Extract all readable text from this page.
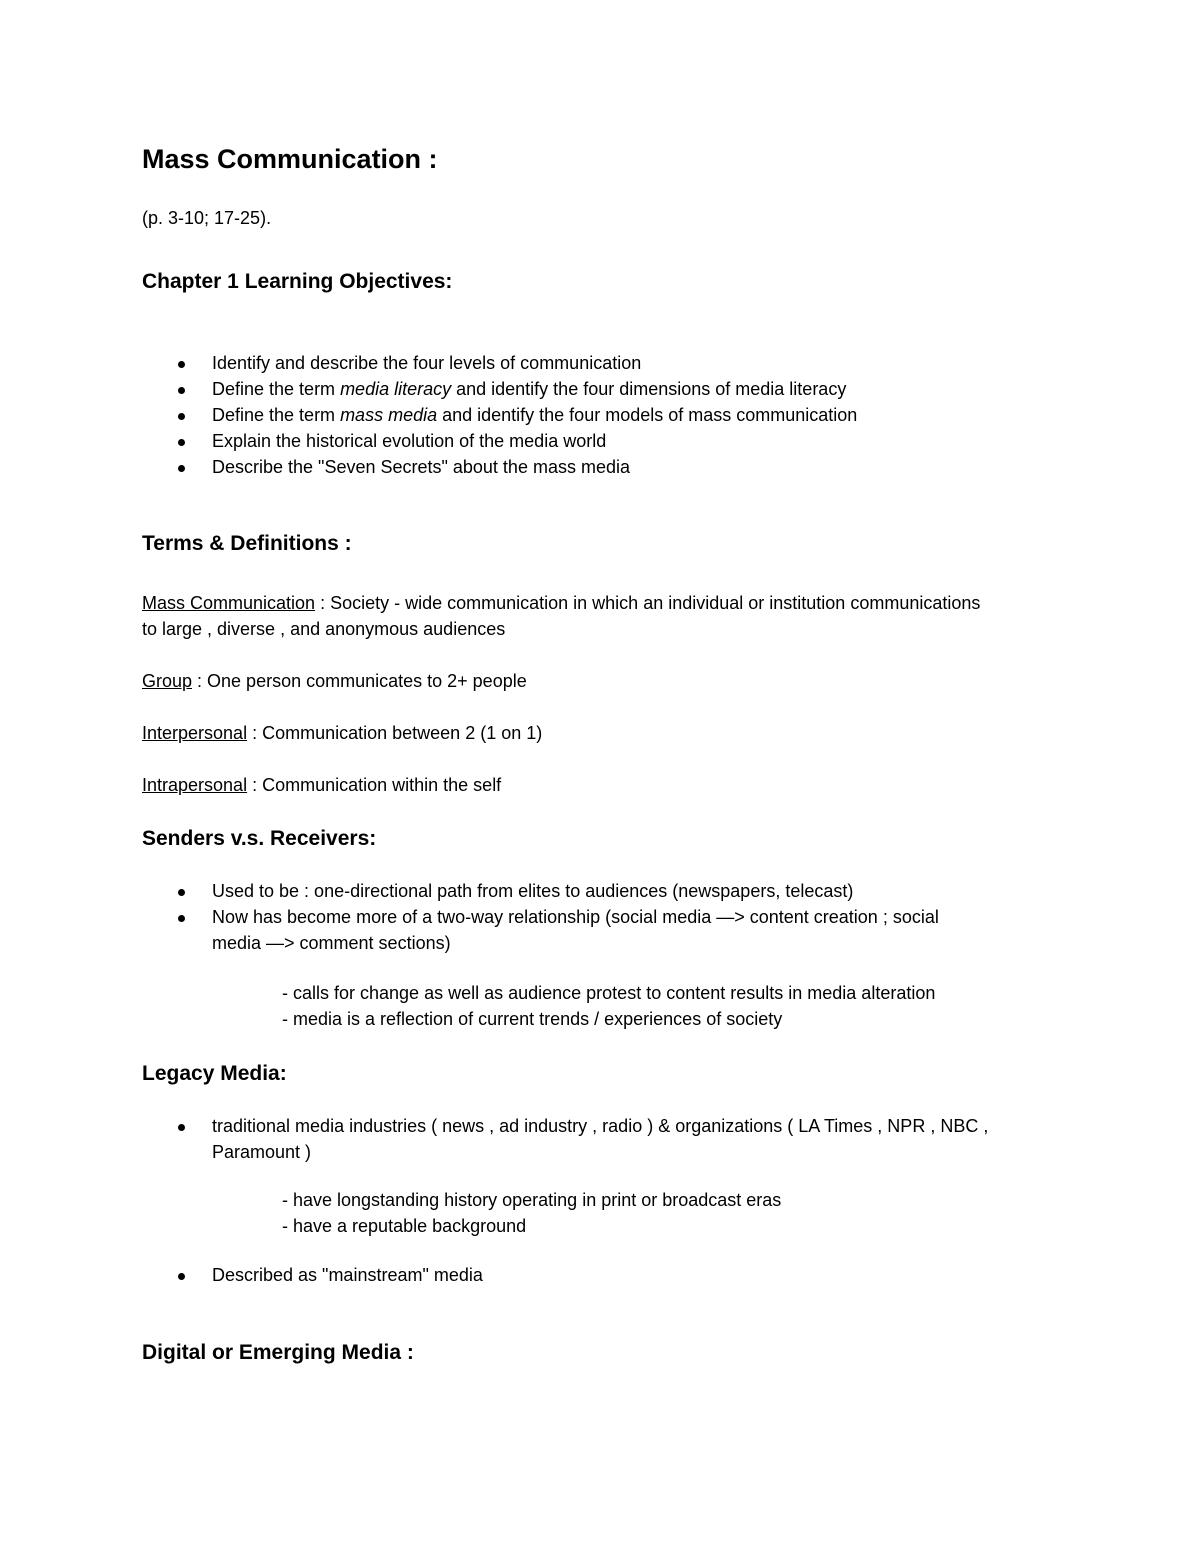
Mass Communication :

(p. 3-10; 17-25).

Chapter 1 Learning Objectives:
Identify and describe the four levels of communication
Define the term media literacy and identify the four dimensions of media literacy
Define the term mass media and identify the four models of mass communication
Explain the historical evolution of the media world
Describe the "Seven Secrets" about the mass media
Terms & Definitions :

Mass Communication : Society - wide communication in which an individual or institution communications
to large , diverse , and anonymous audiences

Group : One person communicates to 2+ people

Interpersonal : Communication between 2 (1 on 1)

Intrapersonal : Communication within the self

Senders v.s. Receivers:
Used to be : one-directional path from elites to audiences (newspapers, telecast)
Now has become more of a two-way relationship (social media —> content creation ; social
media —> comment sections)

- calls for change as well as audience protest to content results in media alteration

- media is a reflection of current trends / experiences of society

Legacy Media:
traditional media industries ( news , ad industry , radio ) & organizations ( LA Times , NPR , NBC ,
Paramount )

- have longstanding history operating in print or broadcast eras

- have a reputable background

Described as "mainstream" media
Digital or Emerging Media :
